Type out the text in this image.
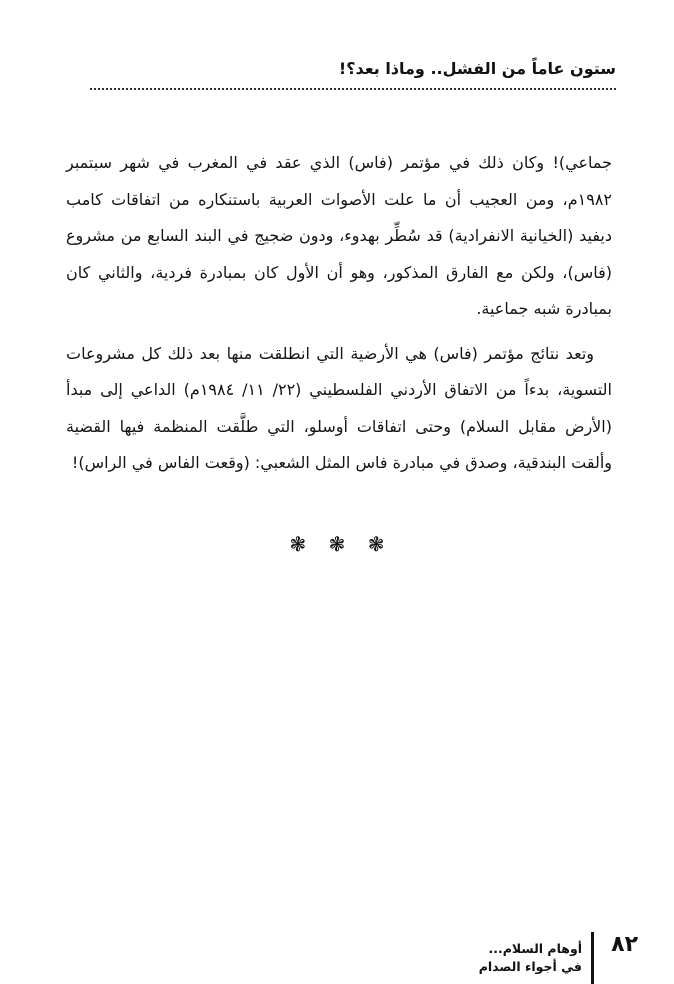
ستون عاماً من الفشل.. وماذا بعد؟!

جماعي)! وكان ذلك في مؤتمر (فاس) الذي عقد في المغرب في شهر سبتمبر ١٩٨٢م، ومن العجيب أن ما علت الأصوات العربية باستنكاره من اتفاقات كامب ديفيد (الخيانية الانفرادية) قد سُطِّر بهدوء، ودون ضجيج في البند السابع من مشروع (فاس)، ولكن مع الفارق المذكور، وهو أن الأول كان بمبادرة فردية، والثاني كان بمبادرة شبه جماعية.

وتعد نتائج مؤتمر (فاس) هي الأرضية التي انطلقت منها بعد ذلك كل مشروعات التسوية، بدءاً من الاتفاق الأردني الفلسطيني (٢٢/ ١١/ ١٩٨٤م) الداعي إلى مبدأ (الأرض مقابل السلام) وحتى اتفاقات أوسلو، التي طلَّقت المنظمة فيها القضية وألقت البندقية، وصدق في مبادرة فاس المثل الشعبي: (وقعت الفاس في الراس)!

❃ ❃ ❃
٨٢
أوهام السلام...
في أجواء الصدام
